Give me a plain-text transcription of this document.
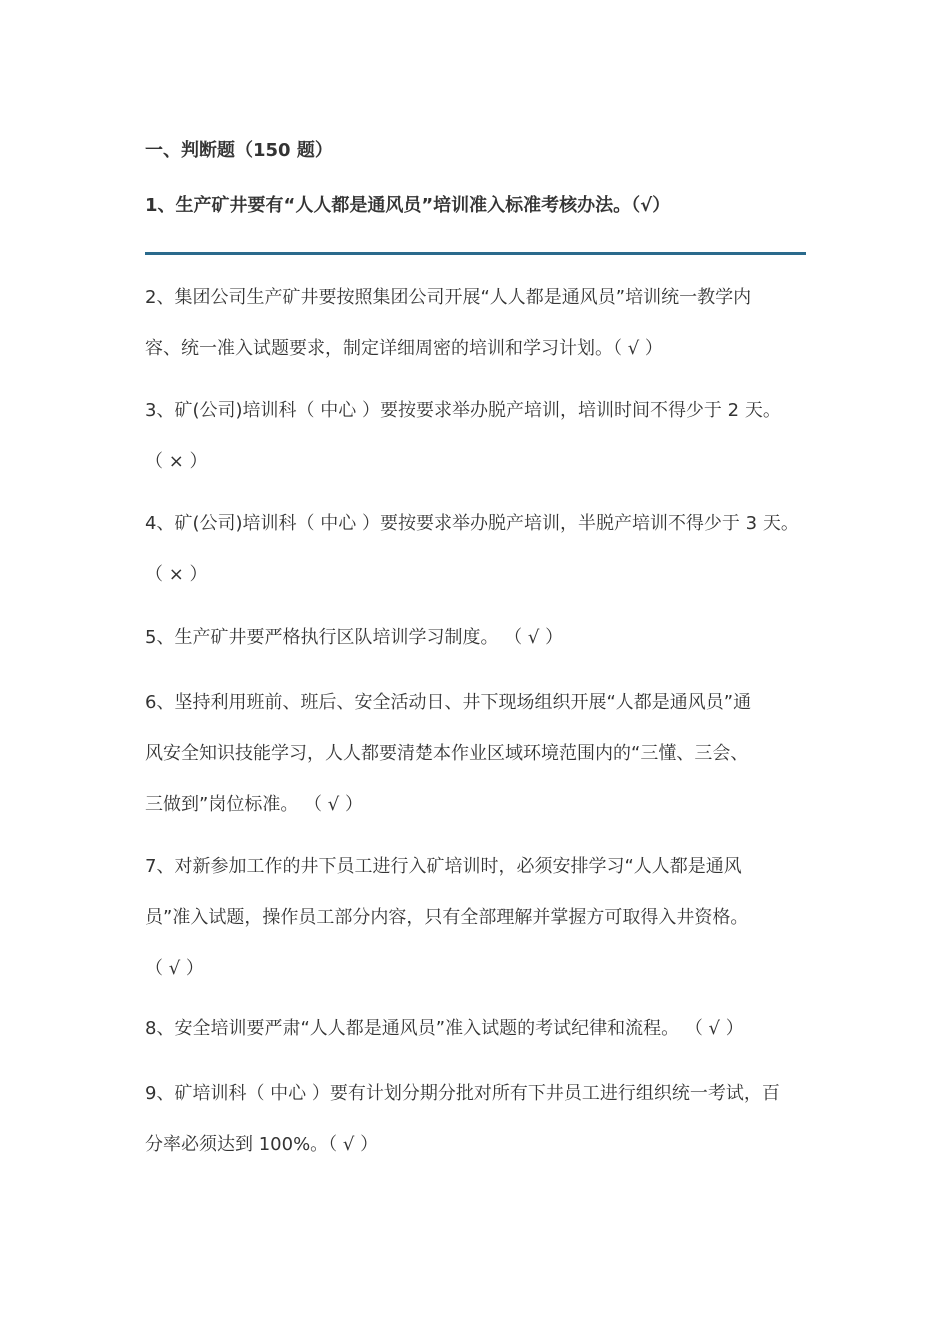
一、判断题（150 题）
1、生产矿井要有“人人都是通风员”培训准入标准考核办法。（√）
2、集团公司生产矿井要按照集团公司开展“人人都是通风员”培训统一教学内
容、统一准入试题要求，制定详细周密的培训和学习计划。（ √ ）
3、矿(公司)培训科（ 中心 ）要按要求举办脱产培训，培训时间不得少于 2 天。
（ × ）
4、矿(公司)培训科（ 中心 ）要按要求举办脱产培训，半脱产培训不得少于 3 天。
（ × ）
5、生产矿井要严格执行区队培训学习制度。 （ √ ）
6、坚持利用班前、班后、安全活动日、井下现场组织开展“人都是通风员”通
风安全知识技能学习，人人都要清楚本作业区域环境范围内的“三懂、三会、
三做到”岗位标准。 （ √ ）
7、对新参加工作的井下员工进行入矿培训时，必须安排学习“人人都是通风
员”准入试题，操作员工部分内容，只有全部理解并掌握方可取得入井资格。
（ √ ）
8、安全培训要严肃“人人都是通风员”准入试题的考试纪律和流程。 （ √ ）
9、矿培训科（ 中心 ）要有计划分期分批对所有下井员工进行组织统一考试，百
分率必须达到 100%。（ √ ）
